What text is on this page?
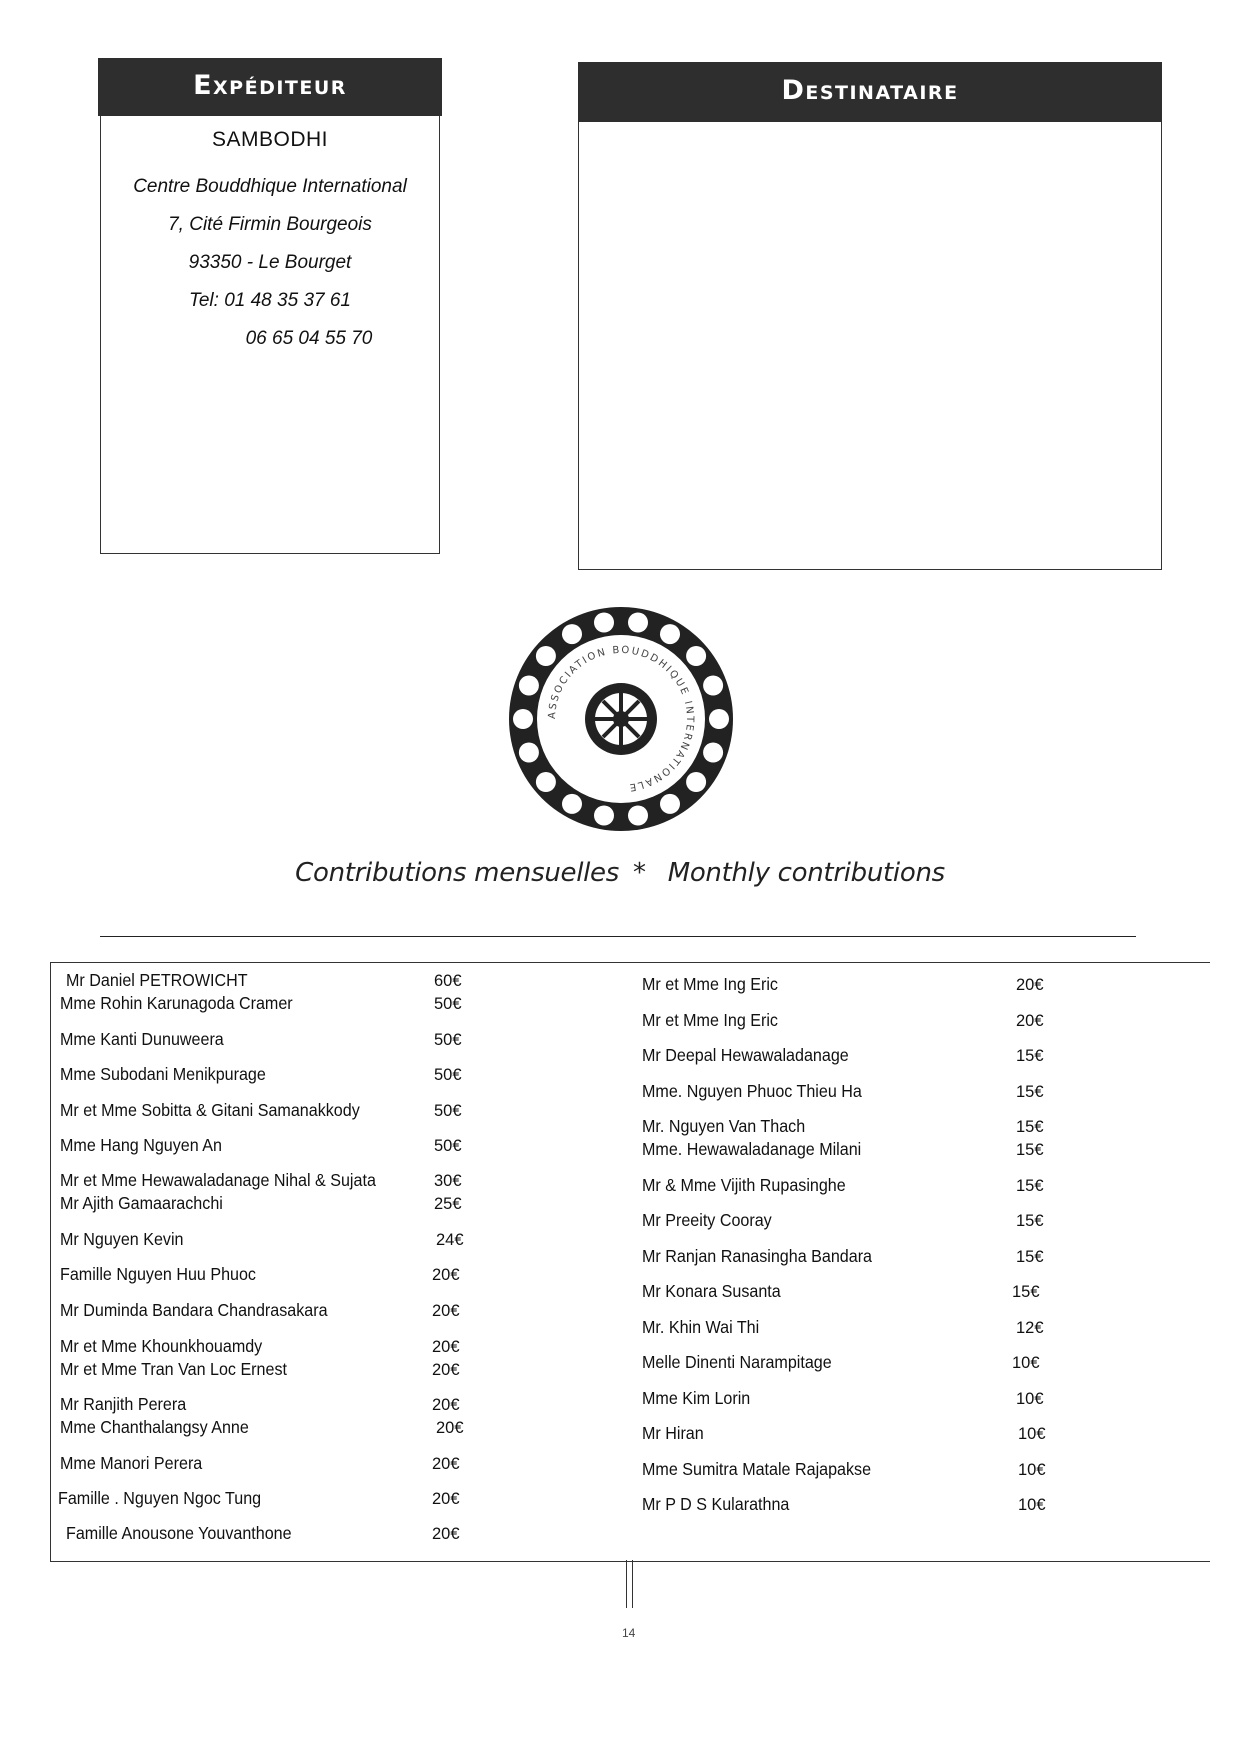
Expéditeur
SAMBODHI
Centre Bouddhique International
7, Cité Firmin Bourgeois
93350 - Le Bourget
Tel: 01 48 35 37 61
06 65 04 55 70
Destinataire
ASSOCIATION BOUDDHIQUE INTERNATIONALE
Contributions mensuelles * Monthly contributions
Mr Daniel PETROWICHT	60€
Mme Rohin Karunagoda Cramer	50€
Mme Kanti Dunuweera	50€
Mme Subodani Menikpurage	50€
Mr et Mme Sobitta & Gitani Samanakkody	50€
Mme Hang Nguyen An	50€
Mr et Mme Hewawaladanage Nihal & Sujata	30€
Mr Ajith Gamaarachchi	25€
Mr Nguyen Kevin	24€
Famille Nguyen Huu Phuoc	20€
Mr Duminda Bandara Chandrasakara	20€
Mr et Mme Khounkhouamdy	20€
Mr et Mme Tran Van Loc Ernest	20€
Mr Ranjith Perera	20€
Mme Chanthalangsy Anne	20€
Mme Manori Perera	20€
Famille . Nguyen Ngoc Tung	20€
Famille Anousone Youvanthone	20€
Mr et Mme Ing Eric	20€
Mr et Mme Ing Eric	20€
Mr Deepal Hewawaladanage	15€
Mme. Nguyen Phuoc Thieu Ha	15€
Mr. Nguyen Van Thach	15€
Mme. Hewawaladanage Milani	15€
Mr & Mme Vijith Rupasinghe	15€
Mr Preeity Cooray	15€
Mr Ranjan Ranasingha Bandara	15€
Mr Konara Susanta	15€
Mr. Khin Wai Thi	12€
Melle Dinenti Narampitage	10€
Mme Kim Lorin	10€
Mr Hiran	10€
Mme Sumitra Matale Rajapakse	10€
Mr P D S Kularathna	10€
14
